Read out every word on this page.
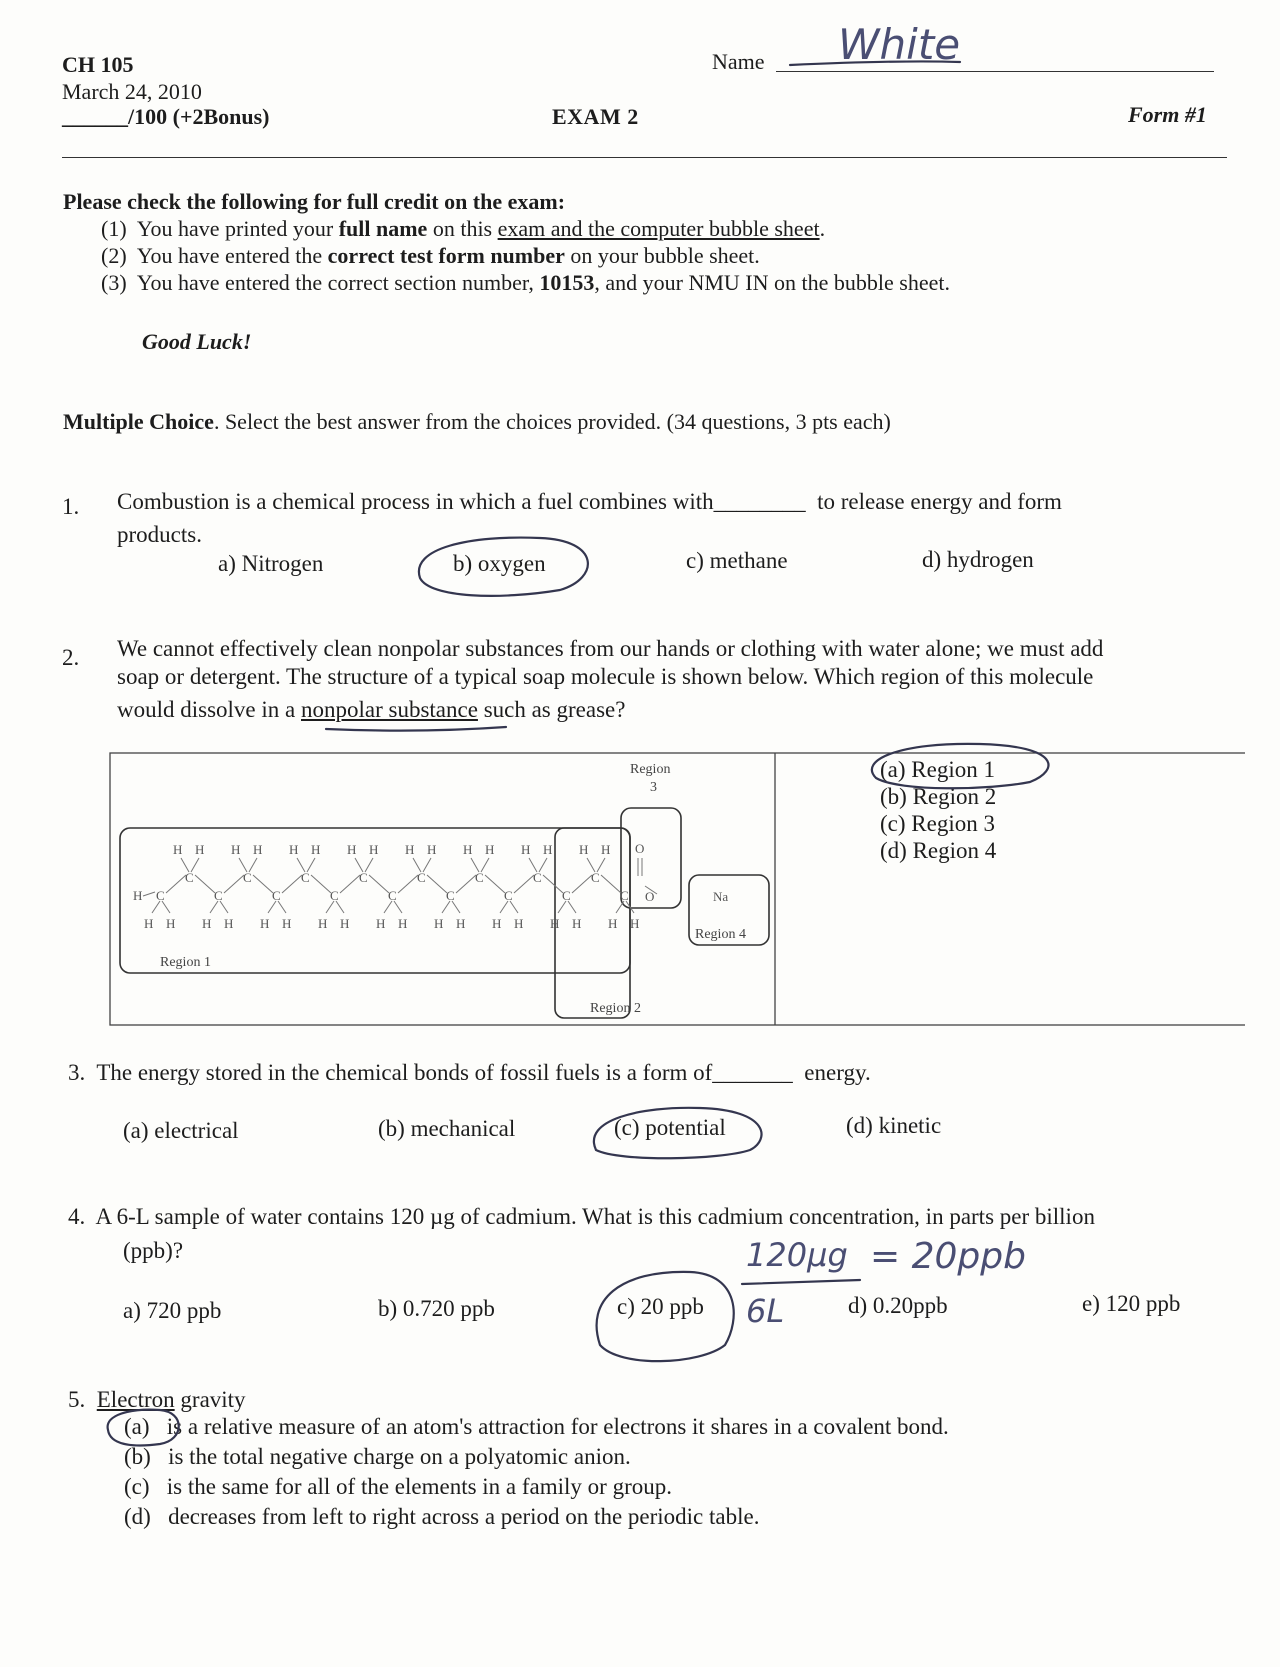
CH 105
March 24, 2010
______/100 (+2Bonus)	EXAM 2
Name White
Form #1
Please check the following for full credit on the exam:
(1) You have printed your full name on this exam and the computer bubble sheet.
(2) You have entered the correct test form number on your bubble sheet.
(3) You have entered the correct section number, 10153, and your NMU IN on the bubble sheet.
Good Luck!
Multiple Choice. Select the best answer from the choices provided. (34 questions, 3 pts each)
1. Combustion is a chemical process in which a fuel combines with________ to release energy and form
products.
a) Nitrogen	b) oxygen	c) methane	d) hydrogen
2. We cannot effectively clean nonpolar substances from our hands or clothing with water alone; we must add
soap or detergent. The structure of a typical soap molecule is shown below. Which region of this molecule
would dissolve in a nonpolar substance such as grease?
Region 1
Region 2
Region
3
Region 4
H C
H H
C
H H
C
H H
C
H H
C
H H
C
H H
C
H H
C
H H
C
H H
C
H H
C
H H
C
H H
C
H H
C
H H
C
H H
C
H H
C
H H
O
O	Na
(a) Region 1
(b) Region 2
(c) Region 3
(d) Region 4
3. The energy stored in the chemical bonds of fossil fuels is a form of_______ energy.
(a) electrical	(b) mechanical	(c) potential	(d) kinetic
4. A 6-L sample of water contains 120 µg of cadmium. What is this cadmium concentration, in parts per billion
(ppb)?
a) 720 ppb	b) 0.720 ppb	c) 20 ppb	d) 0.20ppb	e) 120 ppb
120µg = 20ppb
6L
5. Electron gravity
(a) is a relative measure of an atom's attraction for electrons it shares in a covalent bond.
(b) is the total negative charge on a polyatomic anion.
(c) is the same for all of the elements in a family or group.
(d) decreases from left to right across a period on the periodic table.
